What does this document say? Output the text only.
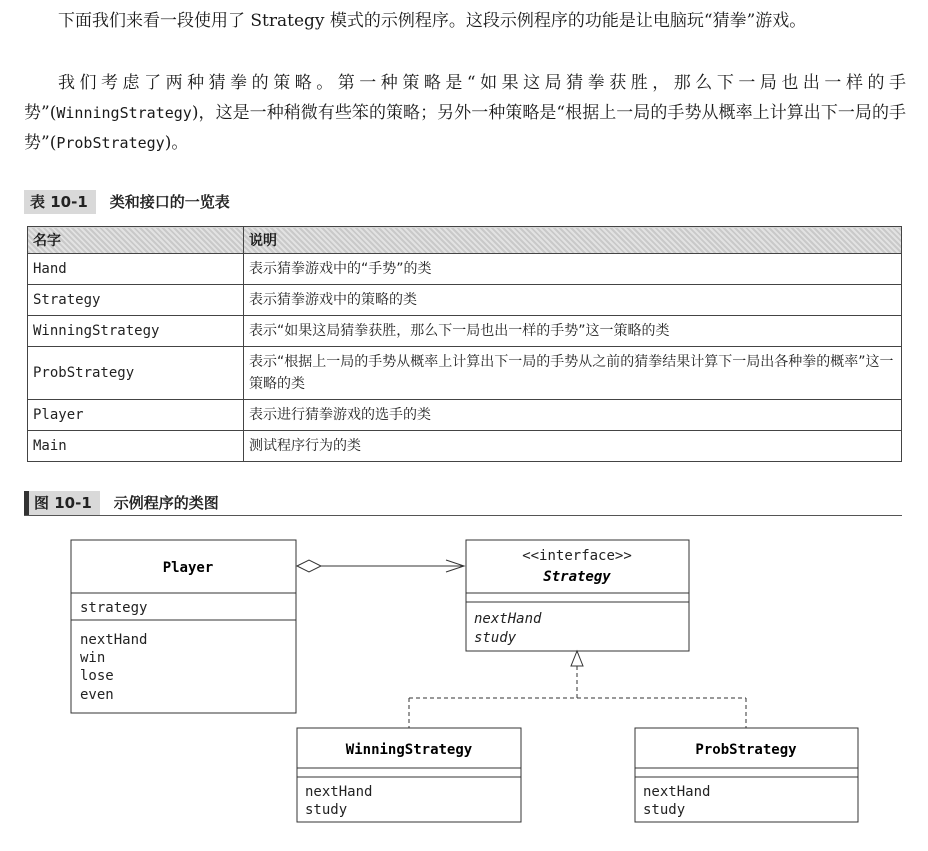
下面我们来看一段使用了 Strategy 模式的示例程序。这段示例程序的功能是让电脑玩“猜拳”游戏。

我们考虑了两种猜拳的策略。第一种策略是“如果这局猜拳获胜，那么下一局也出一样的手势”(WinningStrategy)，这是一种稍微有些笨的策略；另外一种策略是“根据上一局的手势从概率上计算出下一局的手势”(ProbStrategy)。

表 10-1 类和接口的一览表
名字	说明
Hand	表示猜拳游戏中的“手势”的类
Strategy	表示猜拳游戏中的策略的类
WinningStrategy	表示“如果这局猜拳获胜，那么下一局也出一样的手势”这一策略的类
ProbStrategy	表示“根据上一局的手势从概率上计算出下一局的手势从之前的猜拳结果计算下一局出各种拳的概率”这一策略的类
Player	表示进行猜拳游戏的选手的类
Main	测试程序行为的类
图 10-1 示例程序的类图
Player
strategy
nextHand
win
lose
even
<<interface>>
Strategy
nextHand
study
WinningStrategy
nextHand
study
ProbStrategy
nextHand
study
